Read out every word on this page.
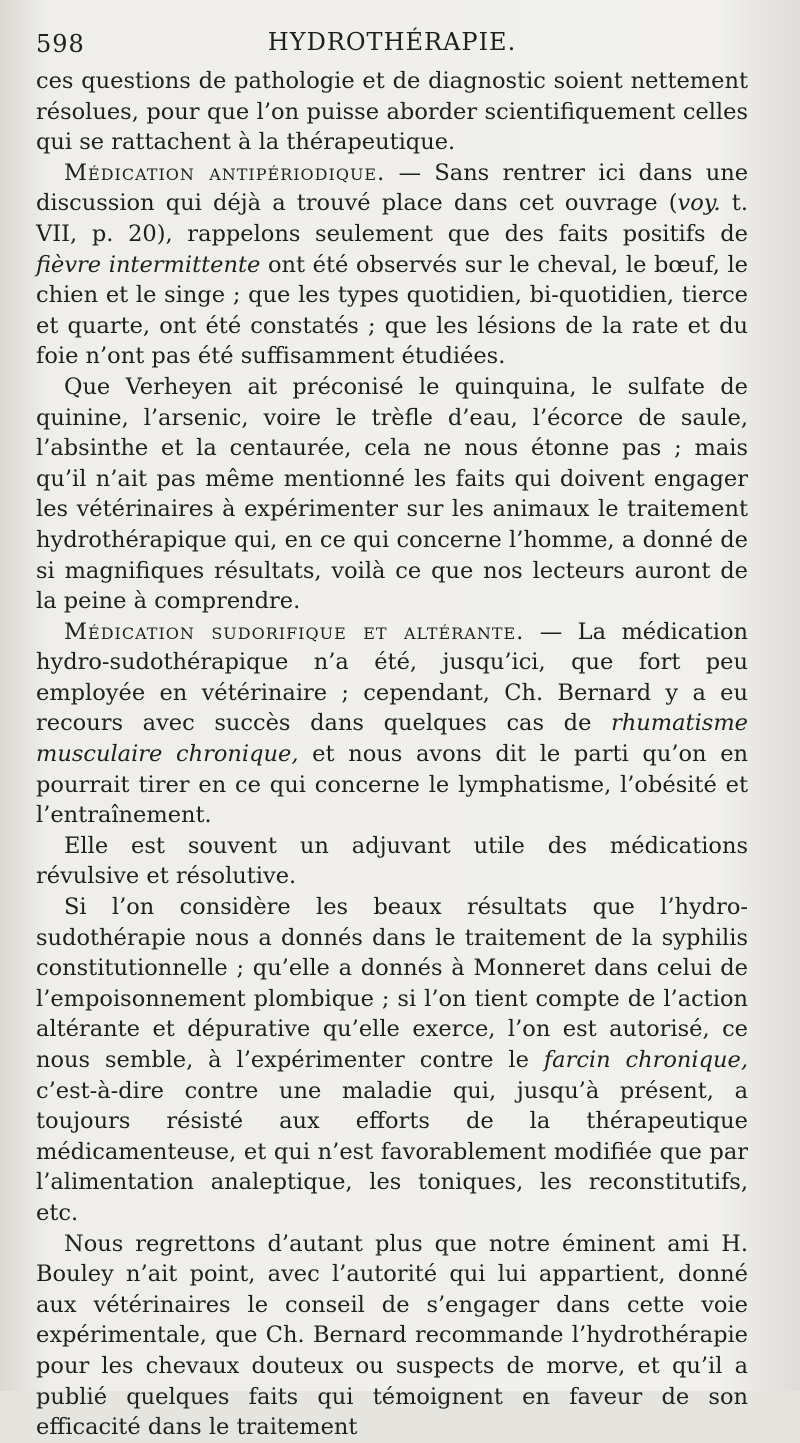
598	HYDROTHÉRAPIE.

ces questions de pathologie et de diagnostic soient nettement résolues, pour que l’on puisse aborder scientifiquement celles qui se rattachent à la thérapeutique.

Médication antipériodique. — Sans rentrer ici dans une discussion qui déjà a trouvé place dans cet ouvrage (voy. t. VII, p. 20), rappelons seulement que des faits positifs de fièvre intermittente ont été observés sur le cheval, le bœuf, le chien et le singe ; que les types quotidien, bi-quotidien, tierce et quarte, ont été constatés ; que les lésions de la rate et du foie n’ont pas été suffisamment étudiées.

Que Verheyen ait préconisé le quinquina, le sulfate de quinine, l’arsenic, voire le trèfle d’eau, l’écorce de saule, l’absinthe et la centaurée, cela ne nous étonne pas ; mais qu’il n’ait pas même mentionné les faits qui doivent engager les vétérinaires à expérimenter sur les animaux le traitement hydrothérapique qui, en ce qui concerne l’homme, a donné de si magnifiques résultats, voilà ce que nos lecteurs auront de la peine à comprendre.

Médication sudorifique et altérante. — La médication hydro-sudothérapique n’a été, jusqu’ici, que fort peu employée en vétérinaire ; cependant, Ch. Bernard y a eu recours avec succès dans quelques cas de rhumatisme musculaire chronique, et nous avons dit le parti qu’on en pourrait tirer en ce qui concerne le lymphatisme, l’obésité et l’entraînement.

Elle est souvent un adjuvant utile des médications révulsive et résolutive.

Si l’on considère les beaux résultats que l’hydro-sudothérapie nous a donnés dans le traitement de la syphilis constitutionnelle ; qu’elle a donnés à Monneret dans celui de l’empoisonnement plombique ; si l’on tient compte de l’action altérante et dépurative qu’elle exerce, l’on est autorisé, ce nous semble, à l’expérimenter contre le farcin chronique, c’est-à-dire contre une maladie qui, jusqu’à présent, a toujours résisté aux efforts de la thérapeutique médicamenteuse, et qui n’est favorablement modifiée que par l’alimentation analeptique, les toniques, les reconstitutifs, etc.

Nous regrettons d’autant plus que notre éminent ami H. Bouley n’ait point, avec l’autorité qui lui appartient, donné aux vétérinaires le conseil de s’engager dans cette voie expérimentale, que Ch. Bernard recommande l’hydrothérapie pour les chevaux douteux ou suspects de morve, et qu’il a publié quelques faits qui témoignent en faveur de son efficacité dans le traitement
